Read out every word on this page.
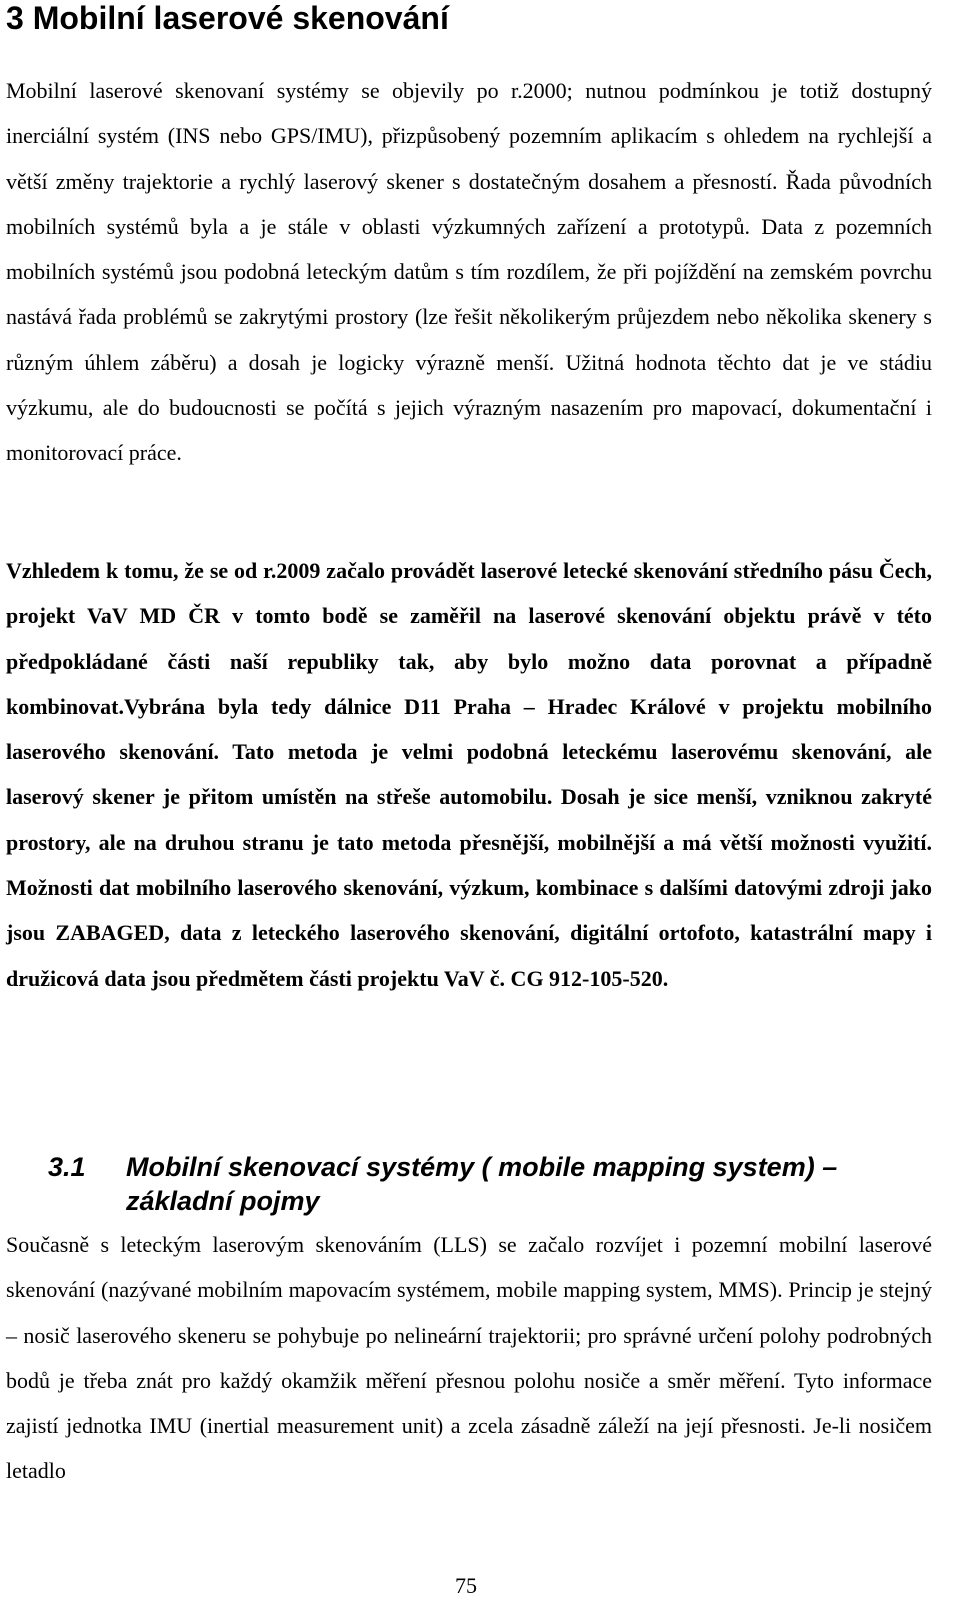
3 Mobilní laserové skenování

Mobilní laserové skenovaní systémy se objevily po r.2000; nutnou podmínkou je totiž dostupný inerciální systém (INS nebo GPS/IMU), přizpůsobený pozemním aplikacím s ohledem na rychlejší a větší změny trajektorie a rychlý laserový skener s dostatečným dosahem a přesností. Řada původních mobilních systémů byla a je stále v oblasti výzkumných zařízení a prototypů. Data z pozemních mobilních systémů jsou podobná leteckým datům s tím rozdílem, že při pojíždění na zemském povrchu nastává řada problémů se zakrytými prostory (lze řešit několikerým průjezdem nebo několika skenery s různým úhlem záběru) a dosah je logicky výrazně menší. Užitná hodnota těchto dat je ve stádiu výzkumu, ale do budoucnosti se počítá s jejich výrazným nasazením pro mapovací, dokumentační i monitorovací práce.

Vzhledem k tomu, že se od r.2009 začalo provádět laserové letecké skenování středního pásu Čech, projekt VaV MD ČR v tomto bodě se zaměřil na laserové skenování objektu právě v této předpokládané části naší republiky tak, aby bylo možno data porovnat a případně kombinovat.Vybrána byla tedy dálnice D11 Praha – Hradec Králové v projektu mobilního laserového skenování. Tato metoda je velmi podobná leteckému laserovému skenování, ale laserový skener je přitom umístěn na střeše automobilu. Dosah je sice menší, vzniknou zakryté prostory, ale na druhou stranu je tato metoda přesnější, mobilnější a má větší možnosti využití. Možnosti dat mobilního laserového skenování, výzkum, kombinace s dalšími datovými zdroji jako jsou ZABAGED, data z leteckého laserového skenování, digitální ortofoto, katastrální mapy i družicová data jsou předmětem části projektu VaV č. CG 912-105-520.

3.1	Mobilní skenovací systémy ( mobile mapping system) – základní pojmy

Současně s leteckým laserovým skenováním (LLS) se začalo rozvíjet i pozemní mobilní laserové skenování (nazývané mobilním mapovacím systémem, mobile mapping system, MMS). Princip je stejný – nosič laserového skeneru se pohybuje po nelineární trajektorii; pro správné určení polohy podrobných bodů je třeba znát pro každý okamžik měření přesnou polohu nosiče a směr měření. Tyto informace zajistí jednotka IMU (inertial measurement unit) a zcela zásadně záleží na její přesnosti. Je-li nosičem letadlo

75
